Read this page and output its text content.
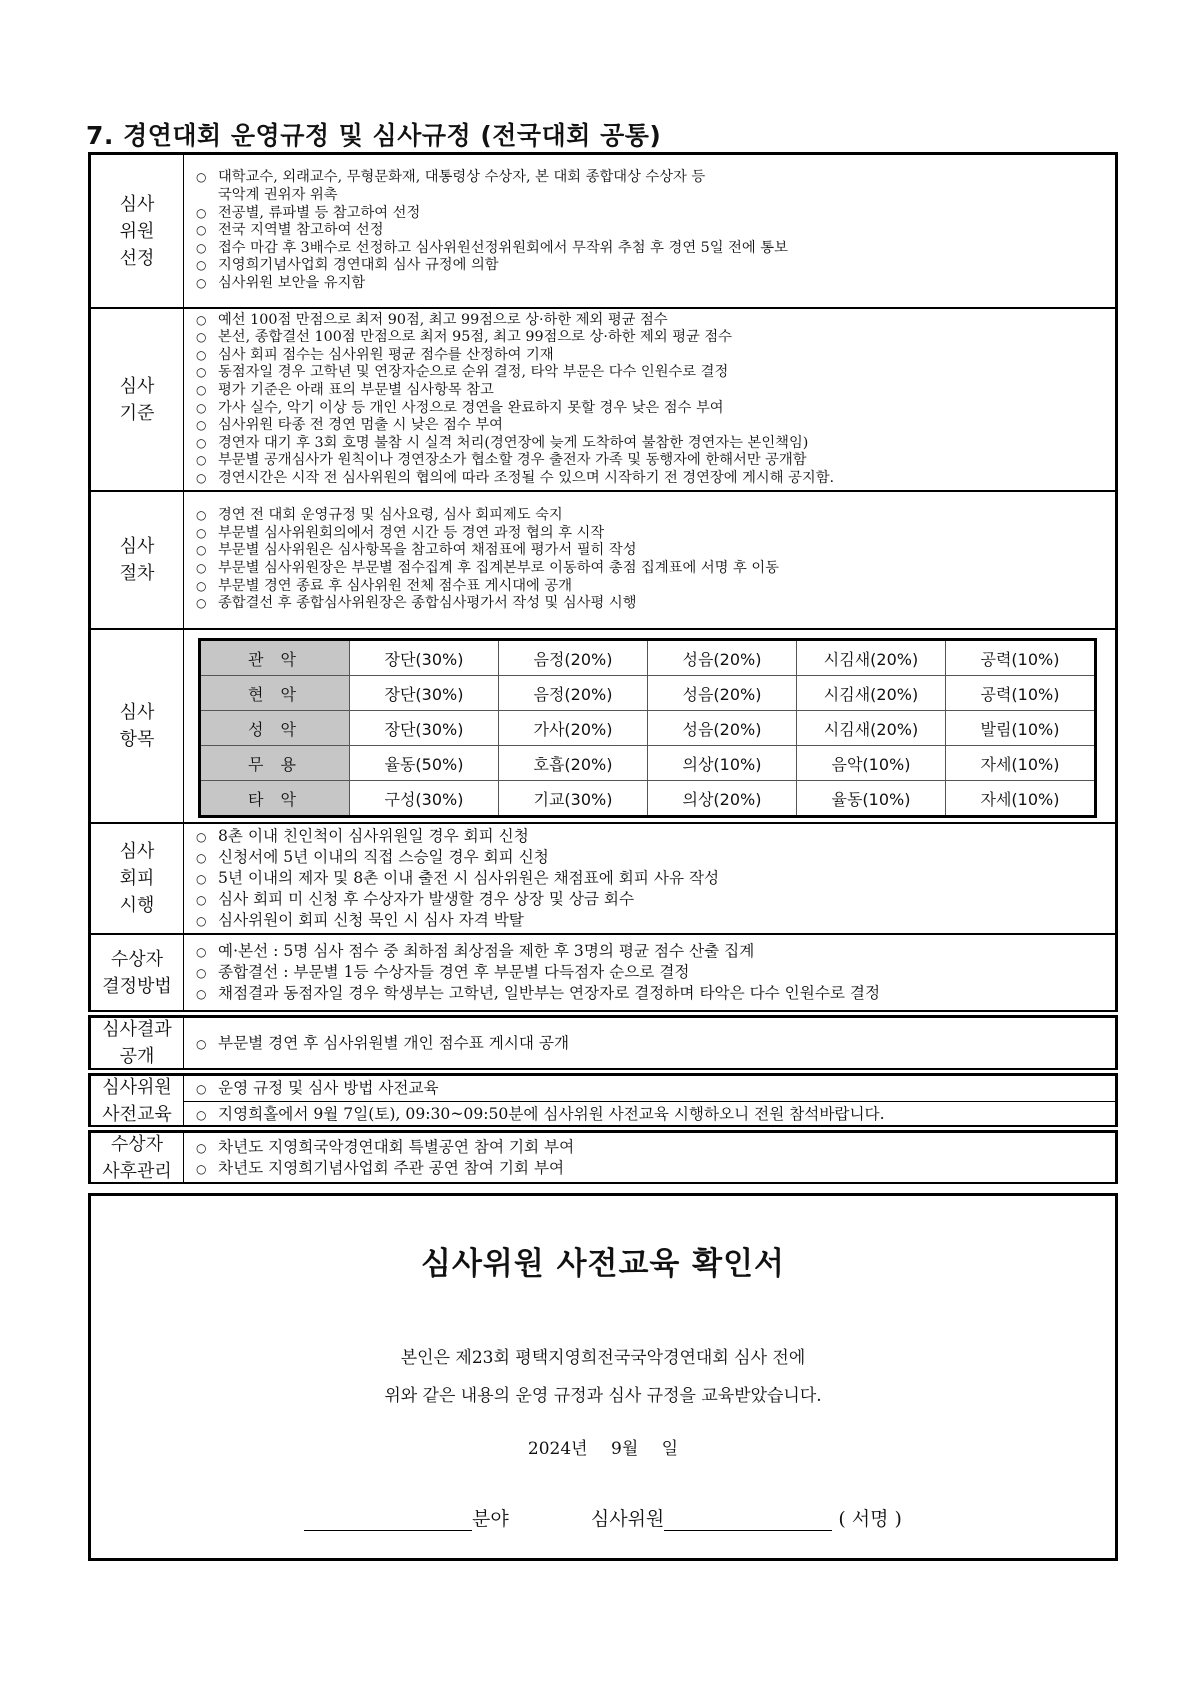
7. 경연대회 운영규정 및 심사규정 (전국대회 공통)
심사
위원
선정
○ 대학교수, 외래교수, 무형문화재, 대통령상 수상자, 본 대회 종합대상 수상자 등
국악계 권위자 위촉
○ 전공별, 류파별 등 참고하여 선정
○ 전국 지역별 참고하여 선정
○ 접수 마감 후 3배수로 선정하고 심사위원선정위원회에서 무작위 추첨 후 경연 5일 전에 통보
○ 지영희기념사업회 경연대회 심사 규정에 의함
○ 심사위원 보안을 유지함
심사
기준
○ 예선 100점 만점으로 최저 90점, 최고 99점으로 상·하한 제외 평균 점수
○ 본선, 종합결선 100점 만점으로 최저 95점, 최고 99점으로 상·하한 제외 평균 점수
○ 심사 회피 점수는 심사위원 평균 점수를 산정하여 기재
○ 동점자일 경우 고학년 및 연장자순으로 순위 결정, 타악 부문은 다수 인원수로 결정
○ 평가 기준은 아래 표의 부문별 심사항목 참고
○ 가사 실수, 악기 이상 등 개인 사정으로 경연을 완료하지 못할 경우 낮은 점수 부여
○ 심사위원 타종 전 경연 멈출 시 낮은 점수 부여
○ 경연자 대기 후 3회 호명 불참 시 실격 처리(경연장에 늦게 도착하여 불참한 경연자는 본인책임)
○ 부문별 공개심사가 원칙이나 경연장소가 협소할 경우 출전자 가족 및 동행자에 한해서만 공개함
○ 경연시간은 시작 전 심사위원의 협의에 따라 조정될 수 있으며 시작하기 전 경연장에 게시해 공지함.
심사
절차
○ 경연 전 대회 운영규정 및 심사요령, 심사 회피제도 숙지
○ 부문별 심사위원회의에서 경연 시간 등 경연 과정 협의 후 시작
○ 부문별 심사위원은 심사항목을 참고하여 채점표에 평가서 필히 작성
○ 부문별 심사위원장은 부문별 점수집계 후 집계본부로 이동하여 총점 집계표에 서명 후 이동
○ 부문별 경연 종료 후 심사위원 전체 점수표 게시대에 공개
○ 종합결선 후 종합심사위원장은 종합심사평가서 작성 및 심사평 시행
심사
항목
관 악	장단(30%)	음정(20%)	성음(20%)	시김새(20%)	공력(10%)
현 악	장단(30%)	음정(20%)	성음(20%)	시김새(20%)	공력(10%)
성 악	장단(30%)	가사(20%)	성음(20%)	시김새(20%)	발림(10%)
무 용	율동(50%)	호흡(20%)	의상(10%)	음악(10%)	자세(10%)
타 악	구성(30%)	기교(30%)	의상(20%)	율동(10%)	자세(10%)
심사
회피
시행
○ 8촌 이내 친인척이 심사위원일 경우 회피 신청
○ 신청서에 5년 이내의 직접 스승일 경우 회피 신청
○ 5년 이내의 제자 및 8촌 이내 출전 시 심사위원은 채점표에 회피 사유 작성
○ 심사 회피 미 신청 후 수상자가 발생할 경우 상장 및 상금 회수
○ 심사위원이 회피 신청 묵인 시 심사 자격 박탈
수상자
결정방법
○ 예·본선 : 5명 심사 점수 중 최하점 최상점을 제한 후 3명의 평균 점수 산출 집계
○ 종합결선 : 부문별 1등 수상자들 경연 후 부문별 다득점자 순으로 결정
○ 채점결과 동점자일 경우 학생부는 고학년, 일반부는 연장자로 결정하며 타악은 다수 인원수로 결정
심사결과
공개
○ 부문별 경연 후 심사위원별 개인 점수표 게시대 공개
심사위원
사전교육
○ 운영 규정 및 심사 방법 사전교육
○ 지영희홀에서 9월 7일(토), 09:30~09:50분에 심사위원 사전교육 시행하오니 전원 참석바랍니다.
수상자
사후관리
○ 차년도 지영희국악경연대회 특별공연 참여 기회 부여
○ 차년도 지영희기념사업회 주관 공연 참여 기회 부여
심사위원 사전교육 확인서
본인은 제23회 평택지영희전국국악경연대회 심사 전에
위와 같은 내용의 운영 규정과 심사 규정을 교육받았습니다.
2024년 9월 일
분야	심사위원	( 서명 )
